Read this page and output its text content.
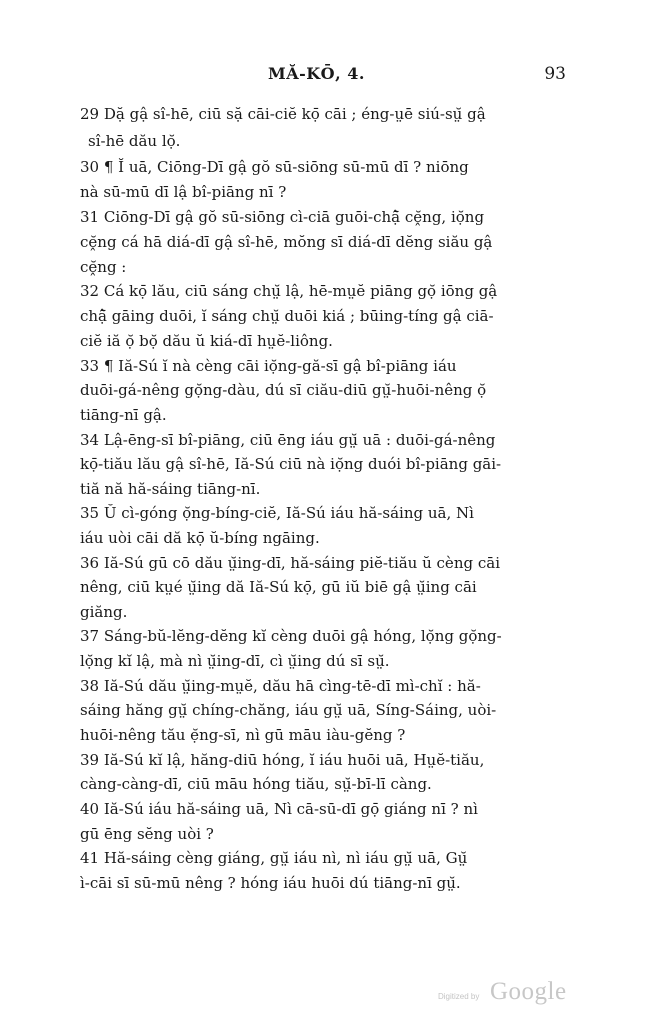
MĂ-KŌ, 4.	93
29 Dặ gậ sî-hē, ciū sặ cāi-ciĕ kọ̄ cāi ; éng-ṳē siú-sṳ̆ gậ
sî-hē dău lọ̆.
30 ¶ Ĭ uā, Ciōng-Dī gậ gŏ sū-siōng sū-mū dī ? niōng
nà sū-mū dī lậ bî-piāng nī ?
31 Ciōng-Dī gậ gŏ sū-siōng cì-ciā guōi-chậ̄ cḙ̆ng, iọ̆ng
cḙ̆ng cá hā diá-dī gậ sî-hē, mŏng sī diá-dī dĕng siău gậ
cḙ̆ng :
32 Cá kọ̄ lău, ciū sáng chṳ̆ lậ, hē-mṳĕ piāng gọ̆ iōng gậ
chậ̄ gāing duōi, ĭ sáng chṳ̆ duōi kiá ; būing-tíng gậ ciā-
ciĕ iă ọ̆ bọ̆ dău ŭ kiá-dī hṳĕ-liông.
33 ¶ Iă-Sú ĭ nà cèng cāi iọ̆ng-gă-sī gậ bî-piāng iáu
duōi-gá-nêng gọ̆ng-dàu, dú sī ciău-diū gṳ̆-huōi-nêng ọ̆
tiāng-nī gậ.
34 Lậ-ēng-sī bî-piāng, ciū ēng iáu gṳ̆ uā : duōi-gá-nêng
kọ̄-tiău lău gậ sî-hē, Iă-Sú ciū nà iọ̆ng duói bî-piāng gāi-
tiă nă hă-sáing tiāng-nī.
35 Ŭ cì-góng ọ̆ng-bíng-ciĕ, Iă-Sú iáu hă-sáing uā, Nì
iáu uòi cāi dă kọ̄ ŭ-bíng ngāing.
36 Iă-Sú gū cō dău ṳ̆ing-dī, hă-sáing piĕ-tiău ŭ cèng cāi
nêng, ciū kṳé ṳ̆ing dă Iă-Sú kọ̄, gū iŭ biē gậ ṳ̆ing cāi
giăng.
37 Sáng-bŭ-lĕng-dĕng kĭ cèng duōi gậ hóng, lọ̆ng gọ̆ng-
lọ̆ng kĭ lậ, mà nì ṳ̆ing-dī, cì ṳ̆ing dú sī sṳ̆.
38 Iă-Sú dău ṳ̆ing-mṳĕ, dău hā cìng-tē-dī mì-chĭ : hă-
sáing hăng gṳ̆ chíng-chăng, iáu gṳ̆ uā, Síng-Sáing, uòi-
huōi-nêng tău ẹ̆ng-sī, nì gū māu iàu-gĕng ?
39 Iă-Sú kĭ lậ, hăng-diū hóng, ĭ iáu huōi uā, Hṳĕ-tiău,
càng-càng-dī, ciū māu hóng tiău, sṳ̆-bī-lī càng.
40 Iă-Sú iáu hă-sáing uā, Nì cā-sū-dī gọ̄ giáng nī ? nì
gū ēng sĕng uòi ?
41 Hă-sáing cèng giáng, gṳ̆ iáu nì, nì iáu gṳ̆ uā, Gṳ̆
ì-cāi sī sū-mū nêng ? hóng iáu huōi dú tiāng-nī gṳ̆.
Digitized by Google
